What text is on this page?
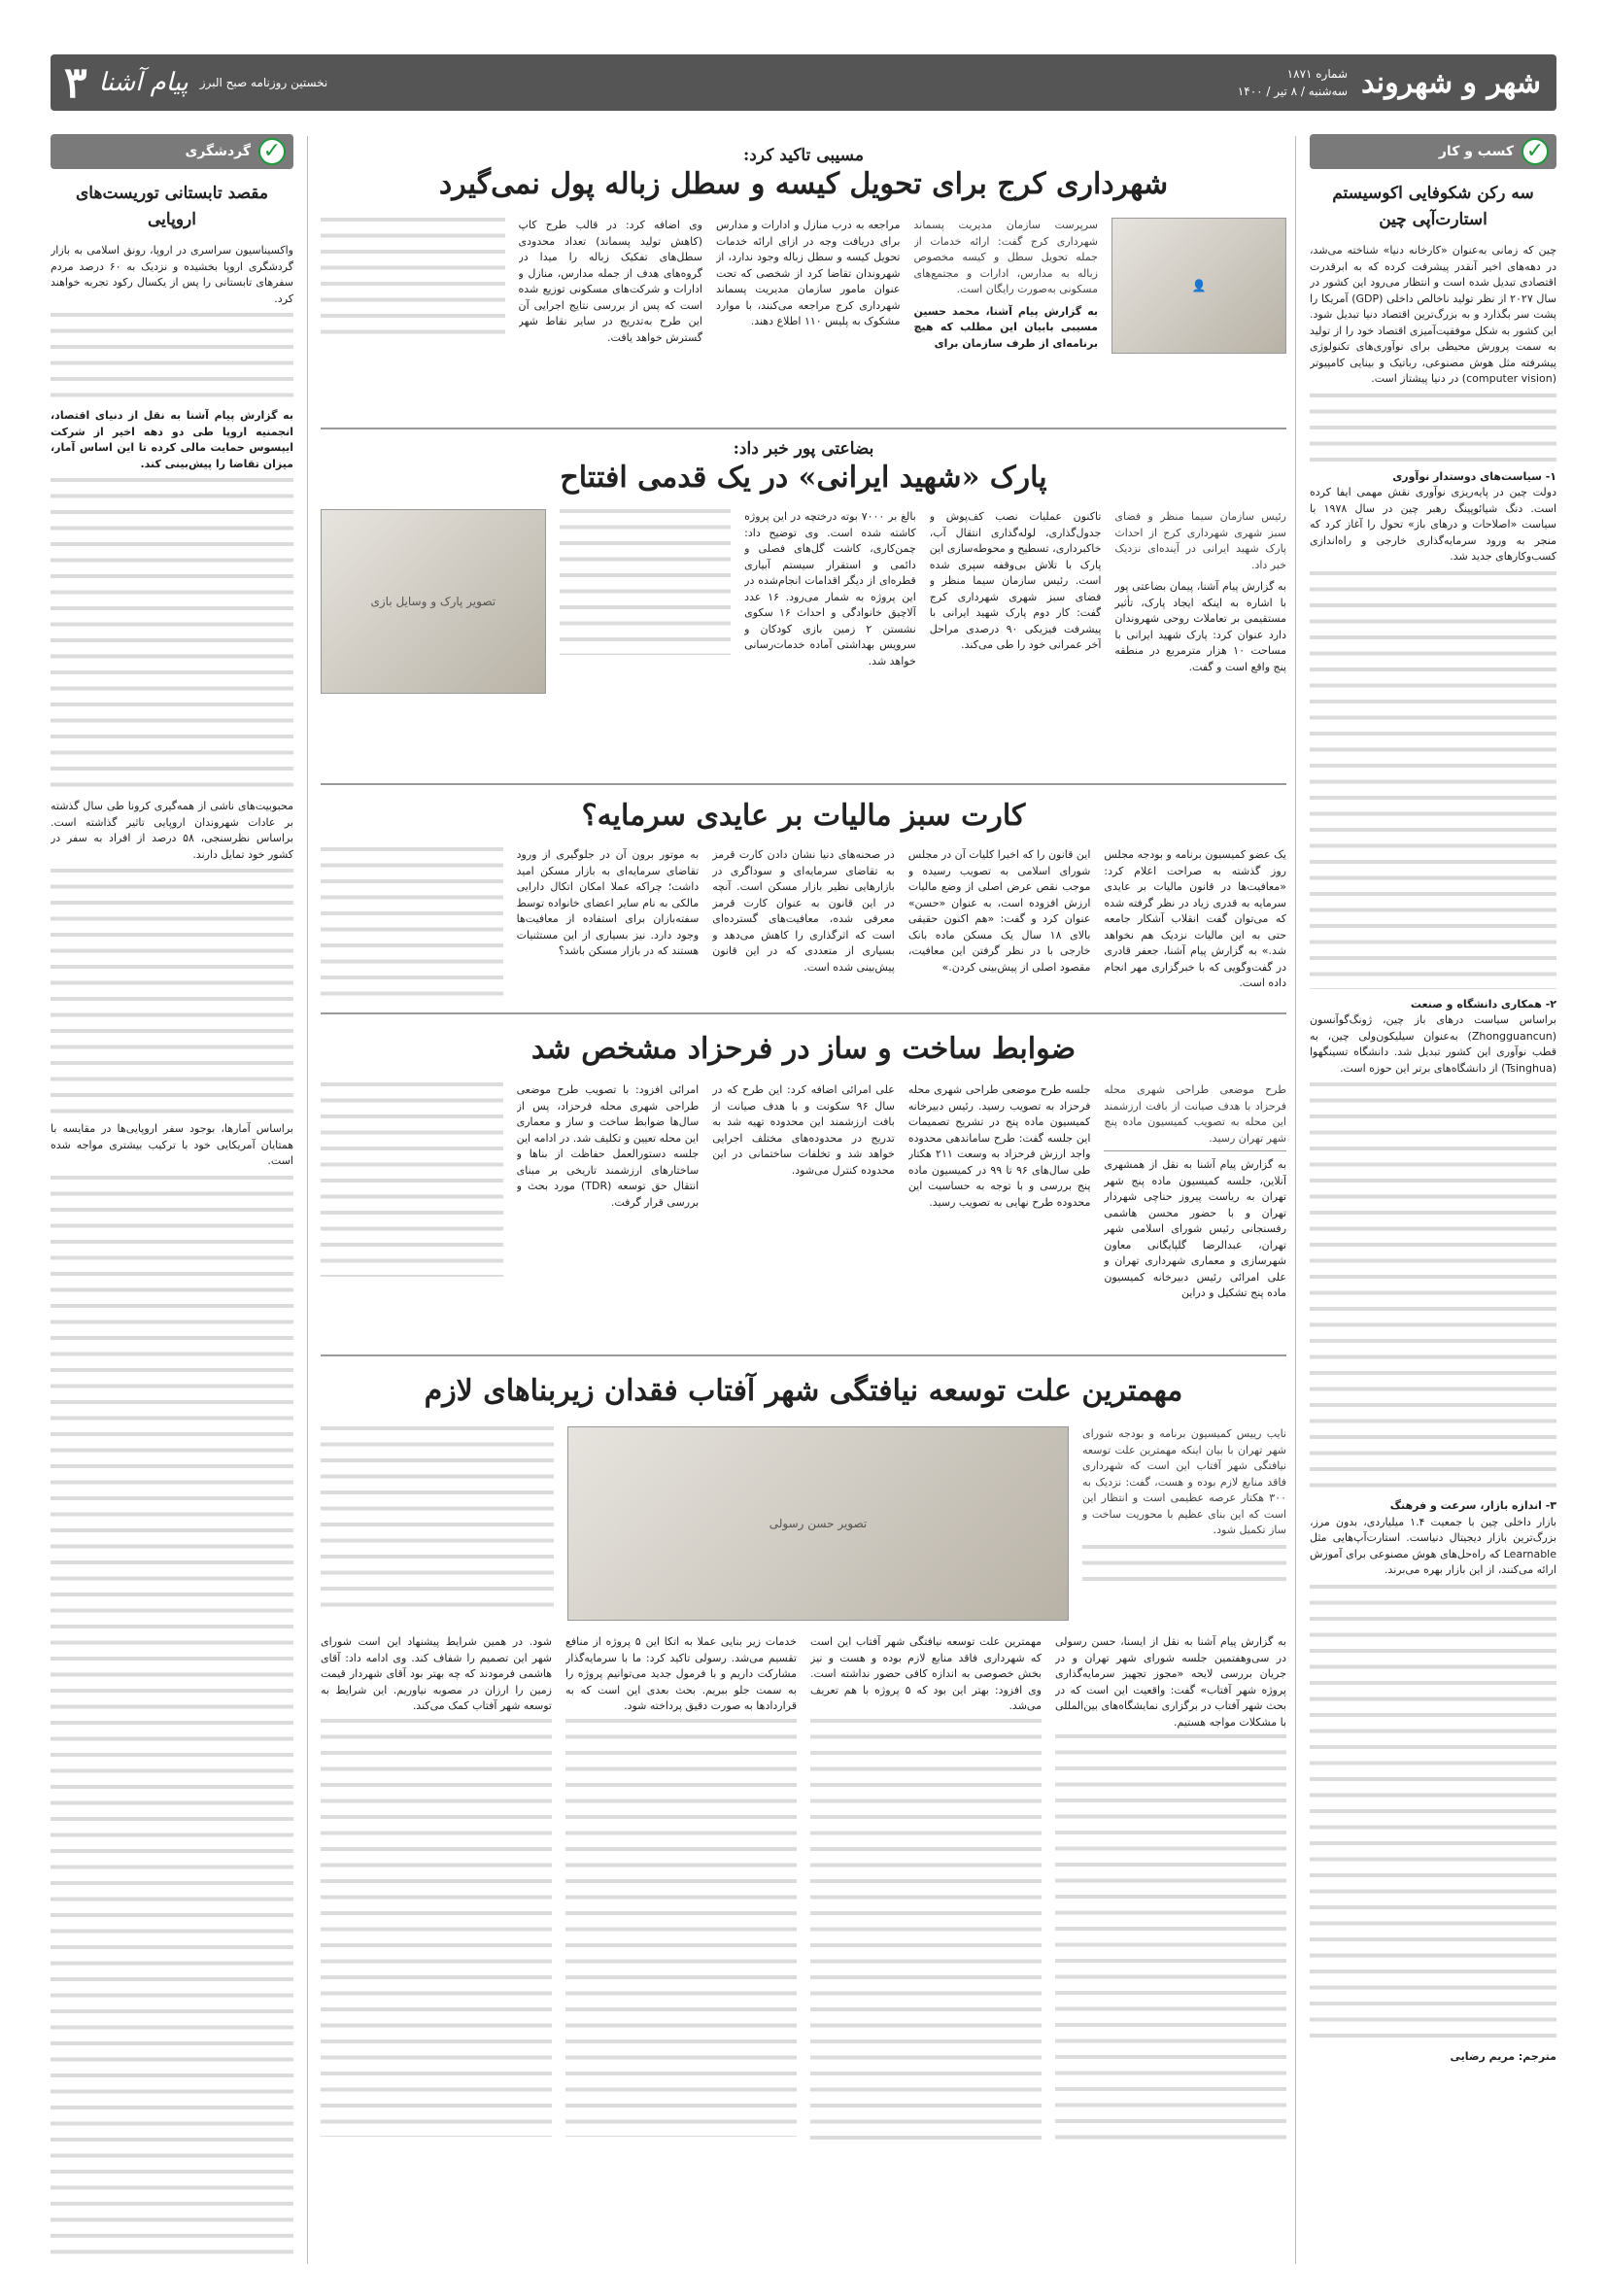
شهر و شهروند
شماره ۱۸۷۱
سه‌شنبه / ۸ تیر / ۱۴۰۰
نخستین روزنامه صبح البرز
پیام آشنا
۳
✓
کسب و کار
سه رکن شکوفایی اکوسیستم استارت‌آپی چین

چین که زمانی به‌عنوان «کارخانه دنیا» شناخته می‌شد، در دهه‌های اخیر آنقدر پیشرفت کرده که به ابرقدرت اقتصادی تبدیل شده است و انتظار می‌رود این کشور در سال ۲۰۲۷ از نظر تولید ناخالص داخلی (GDP) آمریکا را پشت سر بگذارد و به بزرگ‌ترین اقتصاد دنیا تبدیل شود. این کشور به شکل موفقیت‌آمیزی اقتصاد خود را از تولید به سمت پرورش محیطی برای نوآوری‌های تکنولوژی پیشرفته مثل هوش مصنوعی، رباتیک و بینایی کامپیوتر (computer vision) در دنیا پیشتاز است.

۱- سیاست‌های دوستدار نوآوری

دولت چین در پایه‌ریزی نوآوری نقش مهمی ایفا کرده است. دنگ شیائوپینگ رهبر چین در سال ۱۹۷۸ با سیاست «اصلاحات و درهای باز» تحول را آغاز کرد که منجر به ورود سرمایه‌گذاری خارجی و راه‌اندازی کسب‌وکارهای جدید شد.

۲- همکاری دانشگاه و صنعت

براساس سیاست درهای باز چین، ژونگ‌گوآنسون (Zhongguancun) به‌عنوان سیلیکون‌ولی چین، به قطب نوآوری این کشور تبدیل شد. دانشگاه تسینگهوا (Tsinghua) از دانشگاه‌های برتر این حوزه است.

۳- اندازه بازار، سرعت و فرهنگ

بازار داخلی چین با جمعیت ۱.۴ میلیاردی، بدون مرز، بزرگ‌ترین بازار دیجیتال دنیاست. استارت‌آپ‌هایی مثل Learnable که راه‌حل‌های هوش مصنوعی برای آموزش ارائه می‌کنند، از این بازار بهره می‌برند.

مترجم: مریم رضایی
✓
گردشگری
مقصد تابستانی توریست‌های اروپایی

واکسیناسیون سراسری در اروپا، رونق اسلامی به بازار گردشگری اروپا بخشیده و نزدیک به ۶۰ درصد مردم سفرهای تابستانی را پس از یکسال رکود تجربه خواهند کرد.

به گزارش پیام آشنا به نقل از دنیای اقتصاد، انجمنیه اروپا طی دو دهه اخیر از شرکت ایپسوس حمایت مالی کرده تا این اساس آمار، میزان تقاضا را پیش‌بینی کند.

محبوبیت‌های ناشی از همه‌گیری کرونا طی سال گذشته بر عادات شهروندان اروپایی تاثیر گذاشته است. براساس نظرسنجی، ۵۸ درصد از افراد به سفر در کشور خود تمایل دارند.

براساس آمارها، بوجود سفر اروپایی‌ها در مقایسه با همتایان آمریکایی خود با ترکیب بیشتری مواجه شده است.

مسیبی تاکید کرد:
شهرداری کرج برای تحویل کیسه و سطل زباله پول نمی‌گیرد
👤

سرپرست سازمان مدیریت پسماند شهرداری کرج گفت: ارائه خدمات از جمله تحویل سطل و کیسه مخصوص زباله به مدارس، ادارات و مجتمع‌های مسکونی به‌صورت رایگان است.

به گزارش پیام آشنا، محمد حسین مسیبی بابیان این مطلب که هیچ برنامه‌ای از طرف سازمان برای

مراجعه به درب منازل و ادارات و مدارس برای دریافت وجه در ازای ارائه خدمات تحویل کیسه و سطل زباله وجود ندارد، از شهروندان تقاضا کرد از شخصی که تحت عنوان مامور سازمان مدیریت پسماند شهرداری کرج مراجعه می‌کنند، با موارد مشکوک به پلیس ۱۱۰ اطلاع دهند.
وی اضافه کرد: در قالب طرح کاپ (کاهش تولید پسماند) تعداد محدودی سطل‌های تفکیک زباله را میدا در گروه‌های هدف از جمله مدارس، منازل و ادارات و شرکت‌های مسکونی توزیع شده است که پس از بررسی نتایج اجرایی آن این طرح به‌تدریج در سایر نقاط شهر گسترش خواهد یافت.
بضاعتی پور خبر داد:
پارک «شهید ایرانی» در یک قدمی افتتاح

رئیس سازمان سیما منظر و فضای سبز شهری شهرداری کرج از احداث پارک شهید ایرانی در آینده‌ای نزدیک خبر داد.

به گزارش پیام آشنا، پیمان بضاعتی پور با اشاره به اینکه ایجاد پارک، تأثیر مستقیمی بر تعاملات روحی شهروندان دارد عنوان کرد: پارک شهید ایرانی با مساحت ۱۰ هزار مترمربع در منطقه پنج واقع است و گفت.

تاکنون عملیات نصب کف‌پوش و جدول‌گذاری، لوله‌گذاری انتقال آب، خاکبرداری، تسطیح و محوطه‌سازی این پارک با تلاش بی‌وقفه سپری شده است. رئیس سازمان سیما منظر و فضای سبز شهری شهرداری کرج گفت: کار دوم پارک شهید ایرانی با پیشرفت فیزیکی ۹۰ درصدی مراحل آخر عمرانی خود را طی می‌کند.
بالغ بر ۷۰۰۰ بوته درختچه در این پروژه کاشته شده است. وی توضیح داد: چمن‌کاری، کاشت گل‌های فصلی و دائمی و استقرار سیستم آبیاری قطره‌ای از دیگر اقدامات انجام‌شده در این پروژه به شمار می‌رود. ۱۶ عدد آلاچیق خانوادگی و احداث ۱۶ سکوی نشستن ۲ زمین بازی کودکان و سرویس بهداشتی آماده خدمات‌رسانی خواهد شد.
تصویر پارک و وسایل بازی
کارت سبز مالیات بر عایدی سرمایه؟
یک عضو کمیسیون برنامه و بودجه مجلس روز گذشته به صراحت اعلام کرد: «معافیت‌ها در قانون مالیات بر عایدی سرمایه به قدری زیاد در نظر گرفته شده که می‌توان گفت انقلاب آشکار جامعه حتی به این مالیات نزدیک هم نخواهد شد.» به گزارش پیام آشنا، جعفر قادری در گفت‌وگویی که با خبرگزاری مهر انجام داده است.
این قانون را که اخیرا کلیات آن در مجلس شورای اسلامی به تصویب رسیده و موجب نقص عرض اصلی از وضع مالیات ارزش افزوده است، به عنوان «حسن» عنوان کرد و گفت: «هم اکنون حقیقی بالای ۱۸ سال یک مسکن ماده بانک خارجی با در نظر گرفتن این معافیت، مقصود اصلی از پیش‌بینی کردن.»
در صحنه‌های دنیا نشان دادن کارت قرمز به تقاضای سرمایه‌ای و سوداگری در بازارهایی نظیر بازار مسکن است. آنچه در این قانون به عنوان کارت قرمز معرفی شده، معافیت‌های گسترده‌ای است که اثرگذاری را کاهش می‌دهد و بسیاری از متعددی که در این قانون پیش‌بینی شده است.
به موتور برون آن در جلوگیری از ورود تقاضای سرمایه‌ای به بازار مسکن امید داشت؛ چراکه عملا امکان اتکال دارایی مالکی به نام سایر اعضای خانواده توسط سفته‌بازان برای استفاده از معافیت‌ها وجود دارد. نیز بسیاری از این مستثنیات هستند که در بازار مسکن باشد؟
ضوابط ساخت و ساز در فرحزاد مشخص شد

طرح موضعی طراحی شهری محله فرحزاد با هدف صیانت از بافت ارزشمند این محله به تصویب کمیسیون ماده پنج شهر تهران رسید.

به گزارش پیام آشنا به نقل از همشهری آنلاین، جلسه کمیسیون ماده پنج شهر تهران به ریاست پیروز حناچی شهردار تهران و با حضور محسن هاشمی رفسنجانی رئیس شورای اسلامی شهر تهران، عبدالرضا گلپایگانی معاون شهرسازی و معماری شهرداری تهران و علی امرائی رئیس دبیرخانه کمیسیون ماده پنج تشکیل و دراین

جلسه طرح موضعی طراحی شهری محله فرحزاد به تصویب رسید. رئیس دبیرخانه کمیسیون ماده پنج در تشریح تصمیمات این جلسه گفت: طرح ساماندهی محدوده واجد ارزش فرحزاد به وسعت ۲۱۱ هکتار طی سال‌های ۹۶ تا ۹۹ در کمیسیون ماده پنج بررسی و با توجه به حساسیت این محدوده طرح نهایی به تصویب رسید.
علی امرائی اضافه کرد: این طرح که در سال ۹۶ سکونت و با هدف صیانت از بافت ارزشمند این محدوده تهیه شد به تدریج در محدوده‌های مختلف اجرایی خواهد شد و تخلفات ساختمانی در این محدوده کنترل می‌شود.
امرائی افزود: با تصویب طرح موضعی طراحی شهری محله فرحزاد، پس از سال‌ها ضوابط ساخت و ساز و معماری این محله تعیین و تکلیف شد. در ادامه این جلسه دستورالعمل حفاظت از بناها و ساختارهای ارزشمند تاریخی بر مبنای انتقال حق توسعه (TDR) مورد بحث و بررسی قرار گرفت.
مهمترین علت توسعه نیافتگی شهر آفتاب فقدان زیربناهای لازم

نایب رییس کمیسیون برنامه و بودجه شورای شهر تهران با بیان اینکه مهمترین علت توسعه نیافتگی شهر آفتاب این است که شهرداری فاقد منابع لازم بوده و هست، گفت: نزدیک به ۳۰۰ هکتار عرصه عظیمی است و انتظار این است که این بنای عظیم با محوریت ساخت و ساز تکمیل شود.

تصویر حسن رسولی

به گزارش پیام آشنا به نقل از ایسنا، حسن رسولی در سی‌وهفتمین جلسه شورای شهر تهران و در جریان بررسی لایحه «مجوز تجهیز سرمایه‌گذاری پروژه شهر آفتاب» گفت: واقعیت این است که در بحث شهر آفتاب در برگزاری نمایشگاه‌های بین‌المللی با مشکلات مواجه هستیم.

مهمترین علت توسعه نیافتگی شهر آفتاب این است که شهرداری فاقد منابع لازم بوده و هست و نیز بخش خصوصی به اندازه کافی حضور نداشته است. وی افزود: بهتر این بود که ۵ پروژه با هم تعریف می‌شد.

خدمات زیر بنایی عملا به اتکا این ۵ پروژه از منافع تقسیم می‌شد. رسولی تاکید کرد: ما با سرمایه‌گذار مشارکت داریم و با فرمول جدید می‌توانیم پروژه را به سمت جلو ببریم. بحث بعدی این است که به قراردادها به صورت دقیق پرداخته شود.

شود. در همین شرایط پیشنهاد این است شورای شهر این تصمیم را شفاف کند. وی ادامه داد: آقای هاشمی فرمودند که چه بهتر بود آقای شهردار قیمت زمین را ارزان در مصوبه نیاوریم. این شرایط به توسعه شهر آفتاب کمک می‌کند.
